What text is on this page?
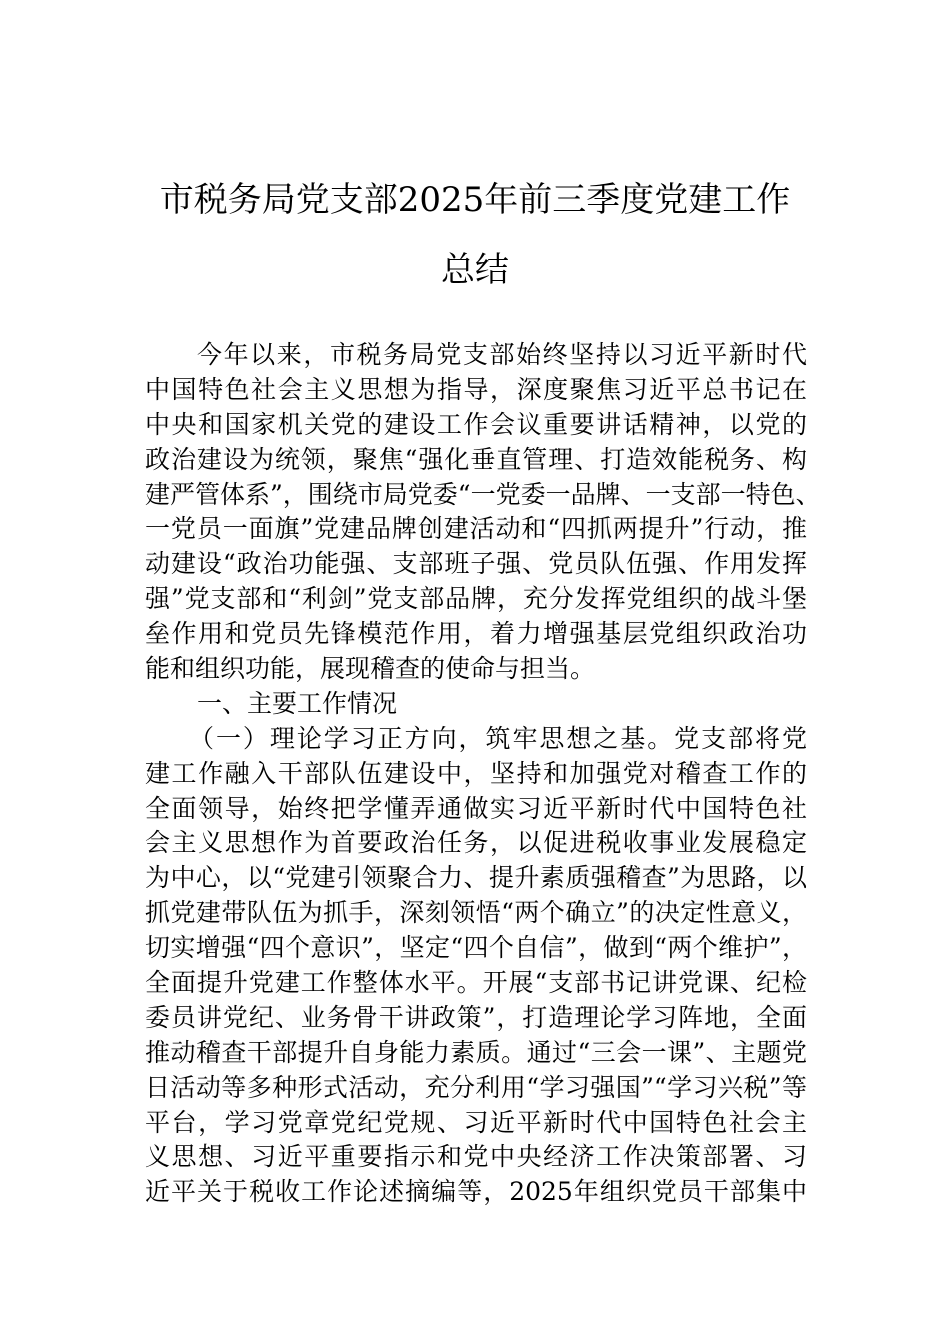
市税务局党支部2025年前三季度党建工作
总结
今年以来，市税务局党支部始终坚持以习近平新时代
中国特色社会主义思想为指导，深度聚焦习近平总书记在
中央和国家机关党的建设工作会议重要讲话精神，以党的
政治建设为统领，聚焦“强化垂直管理、打造效能税务、构
建严管体系”，围绕市局党委“一党委一品牌、一支部一特色、
一党员一面旗”党建品牌创建活动和“四抓两提升”行动，推
动建设“政治功能强、支部班子强、党员队伍强、作用发挥
强”党支部和“利剑”党支部品牌，充分发挥党组织的战斗堡
垒作用和党员先锋模范作用，着力增强基层党组织政治功
能和组织功能，展现稽查的使命与担当。
一、主要工作情况
（一）理论学习正方向，筑牢思想之基。党支部将党
建工作融入干部队伍建设中，坚持和加强党对稽查工作的
全面领导，始终把学懂弄通做实习近平新时代中国特色社
会主义思想作为首要政治任务，以促进税收事业发展稳定
为中心，以“党建引领聚合力、提升素质强稽查”为思路，以
抓党建带队伍为抓手，深刻领悟“两个确立”的决定性意义，
切实增强“四个意识”，坚定“四个自信”，做到“两个维护”，
全面提升党建工作整体水平。开展“支部书记讲党课、纪检
委员讲党纪、业务骨干讲政策”，打造理论学习阵地，全面
推动稽查干部提升自身能力素质。通过“三会一课”、主题党
日活动等多种形式活动，充分利用“学习强国”“学习兴税”等
平台，学习党章党纪党规、习近平新时代中国特色社会主
义思想、习近平重要指示和党中央经济工作决策部署、习
近平关于税收工作论述摘编等，2025年组织党员干部集中
